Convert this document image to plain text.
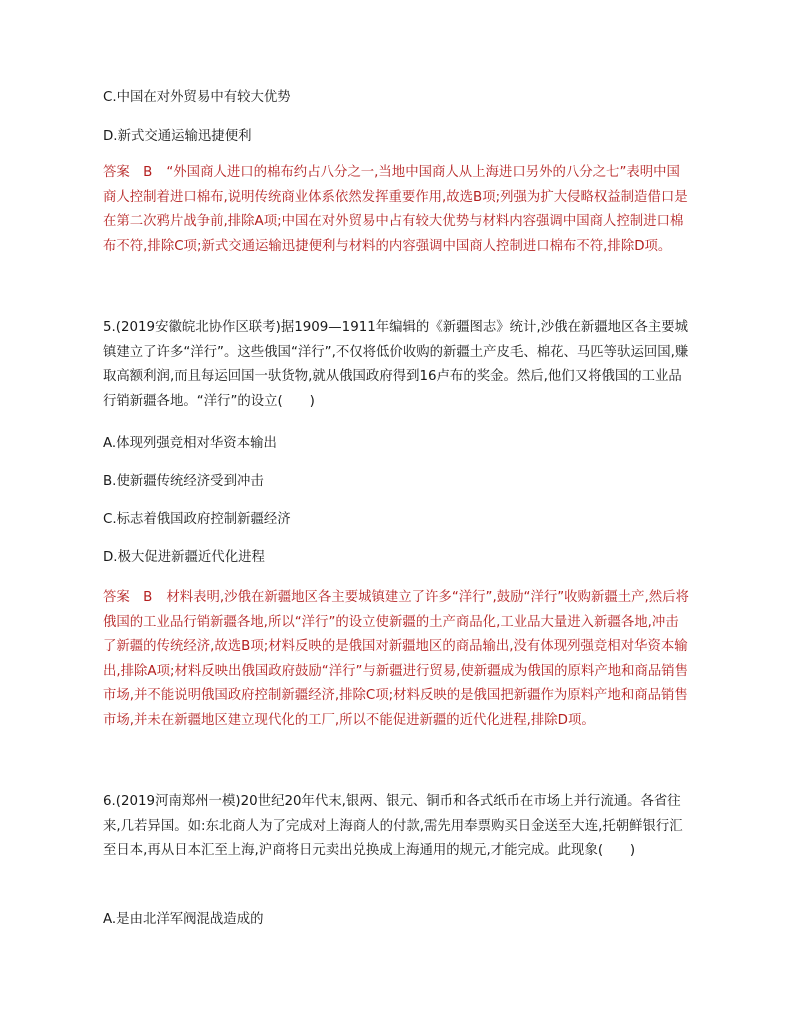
C.中国在对外贸易中有较大优势
D.新式交通运输迅捷便利
答案　B “外国商人进口的棉布约占八分之一,当地中国商人从上海进口另外的八分之七”表明中国商人控制着进口棉布,说明传统商业体系依然发挥重要作用,故选B项;列强为扩大侵略权益制造借口是在第二次鸦片战争前,排除A项;中国在对外贸易中占有较大优势与材料内容强调中国商人控制进口棉布不符,排除C项;新式交通运输迅捷便利与材料的内容强调中国商人控制进口棉布不符,排除D项。
5.(2019安徽皖北协作区联考)据1909—1911年编辑的《新疆图志》统计,沙俄在新疆地区各主要城镇建立了许多“洋行”。这些俄国“洋行”,不仅将低价收购的新疆土产皮毛、棉花、马匹等驮运回国,赚取高额利润,而且每运回国一驮货物,就从俄国政府得到16卢布的奖金。然后,他们又将俄国的工业品行销新疆各地。“洋行”的设立(　　)
A.体现列强竞相对华资本输出
B.使新疆传统经济受到冲击
C.标志着俄国政府控制新疆经济
D.极大促进新疆近代化进程
答案　B 材料表明,沙俄在新疆地区各主要城镇建立了许多“洋行”,鼓励“洋行”收购新疆土产,然后将俄国的工业品行销新疆各地,所以“洋行”的设立使新疆的土产商品化,工业品大量进入新疆各地,冲击了新疆的传统经济,故选B项;材料反映的是俄国对新疆地区的商品输出,没有体现列强竞相对华资本输出,排除A项;材料反映出俄国政府鼓励“洋行”与新疆进行贸易,使新疆成为俄国的原料产地和商品销售市场,并不能说明俄国政府控制新疆经济,排除C项;材料反映的是俄国把新疆作为原料产地和商品销售市场,并未在新疆地区建立现代化的工厂,所以不能促进新疆的近代化进程,排除D项。
6.(2019河南郑州一模)20世纪20年代末,银两、银元、铜币和各式纸币在市场上并行流通。各省往来,几若异国。如:东北商人为了完成对上海商人的付款,需先用奉票购买日金送至大连,托朝鲜银行汇至日本,再从日本汇至上海,沪商将日元卖出兑换成上海通用的规元,才能完成。此现象(　　)
A.是由北洋军阀混战造成的
